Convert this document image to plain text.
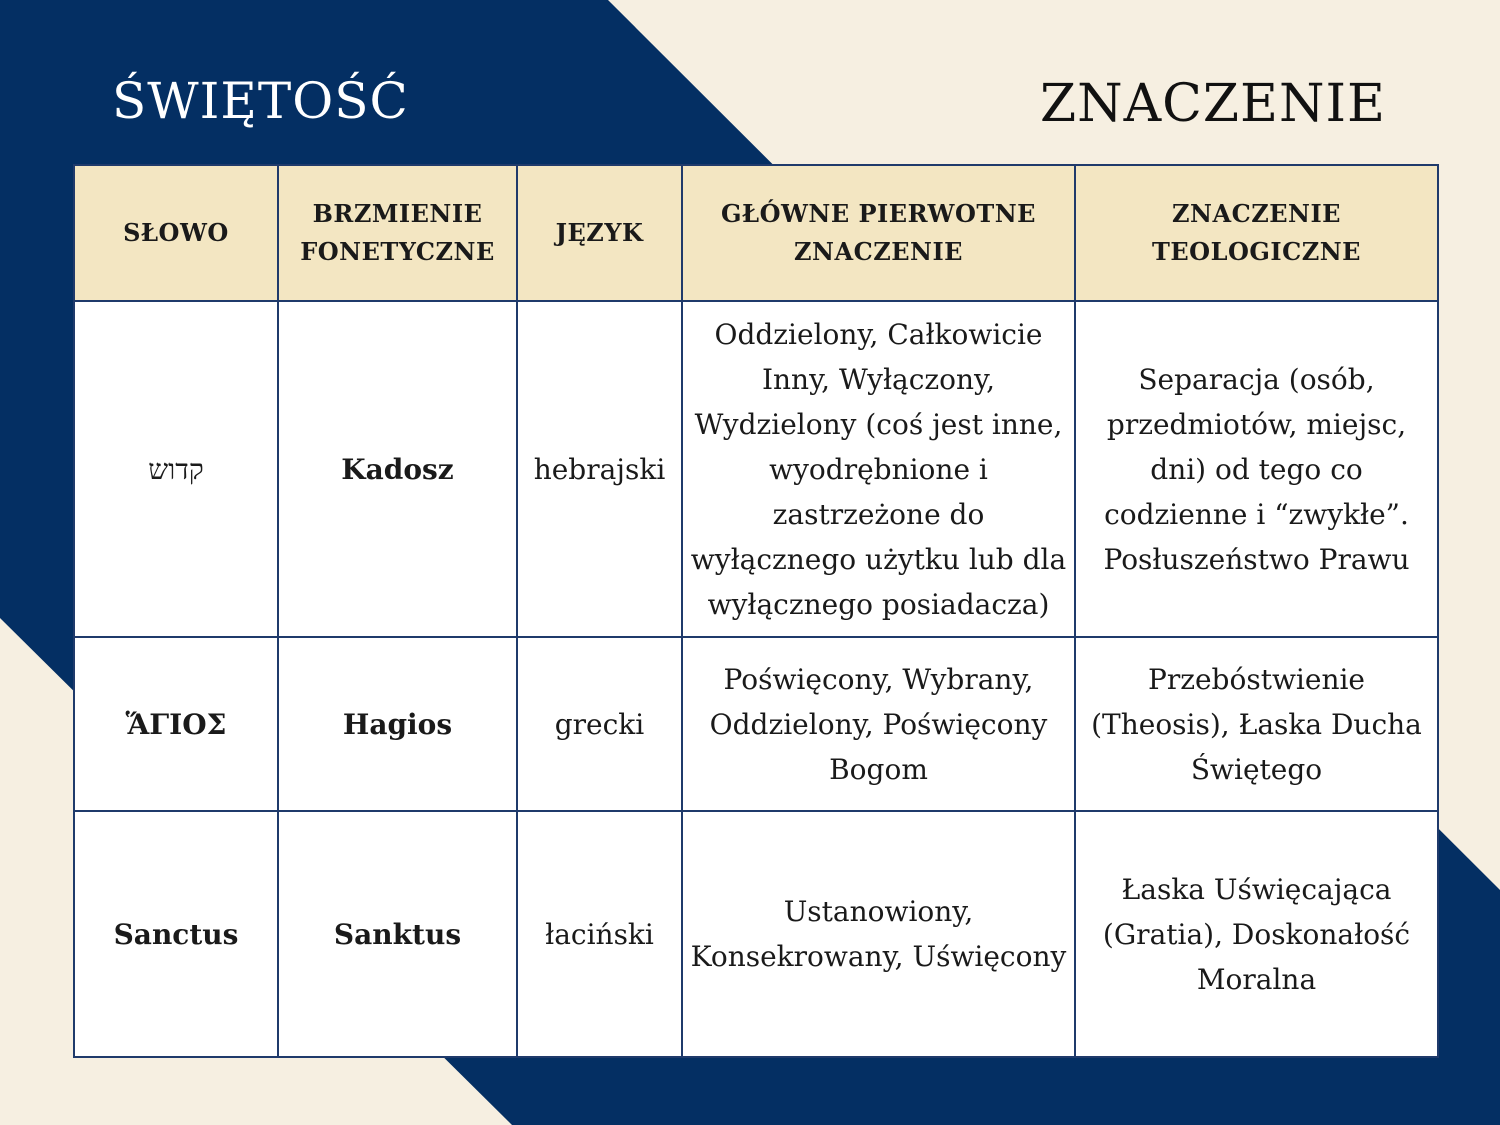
ŚWIĘTOŚĆ	ZNACZENIE
SŁOWO	BRZMIENIE FONETYCZNE	JĘZYK	GŁÓWNE PIERWOTNE ZNACZENIE	ZNACZENIE TEOLOGICZNE
קדוש	Kadosz	hebrajski	Oddzielony, Całkowicie Inny, Wyłączony, Wydzielony (coś jest inne, wyodrębnione i zastrzeżone do wyłącznego użytku lub dla wyłącznego posiadacza)	Separacja (osób, przedmiotów, miejsc, dni) od tego co codzienne i “zwykłe”. Posłuszeństwo Prawu
ἍΓΙΟΣ	Hagios	grecki	Poświęcony, Wybrany, Oddzielony, Poświęcony Bogom	Przebóstwienie (Theosis), Łaska Ducha Świętego
Sanctus	Sanktus	łaciński	Ustanowiony, Konsekrowany, Uświęcony	Łaska Uświęcająca (Gratia), Doskonałość Moralna
